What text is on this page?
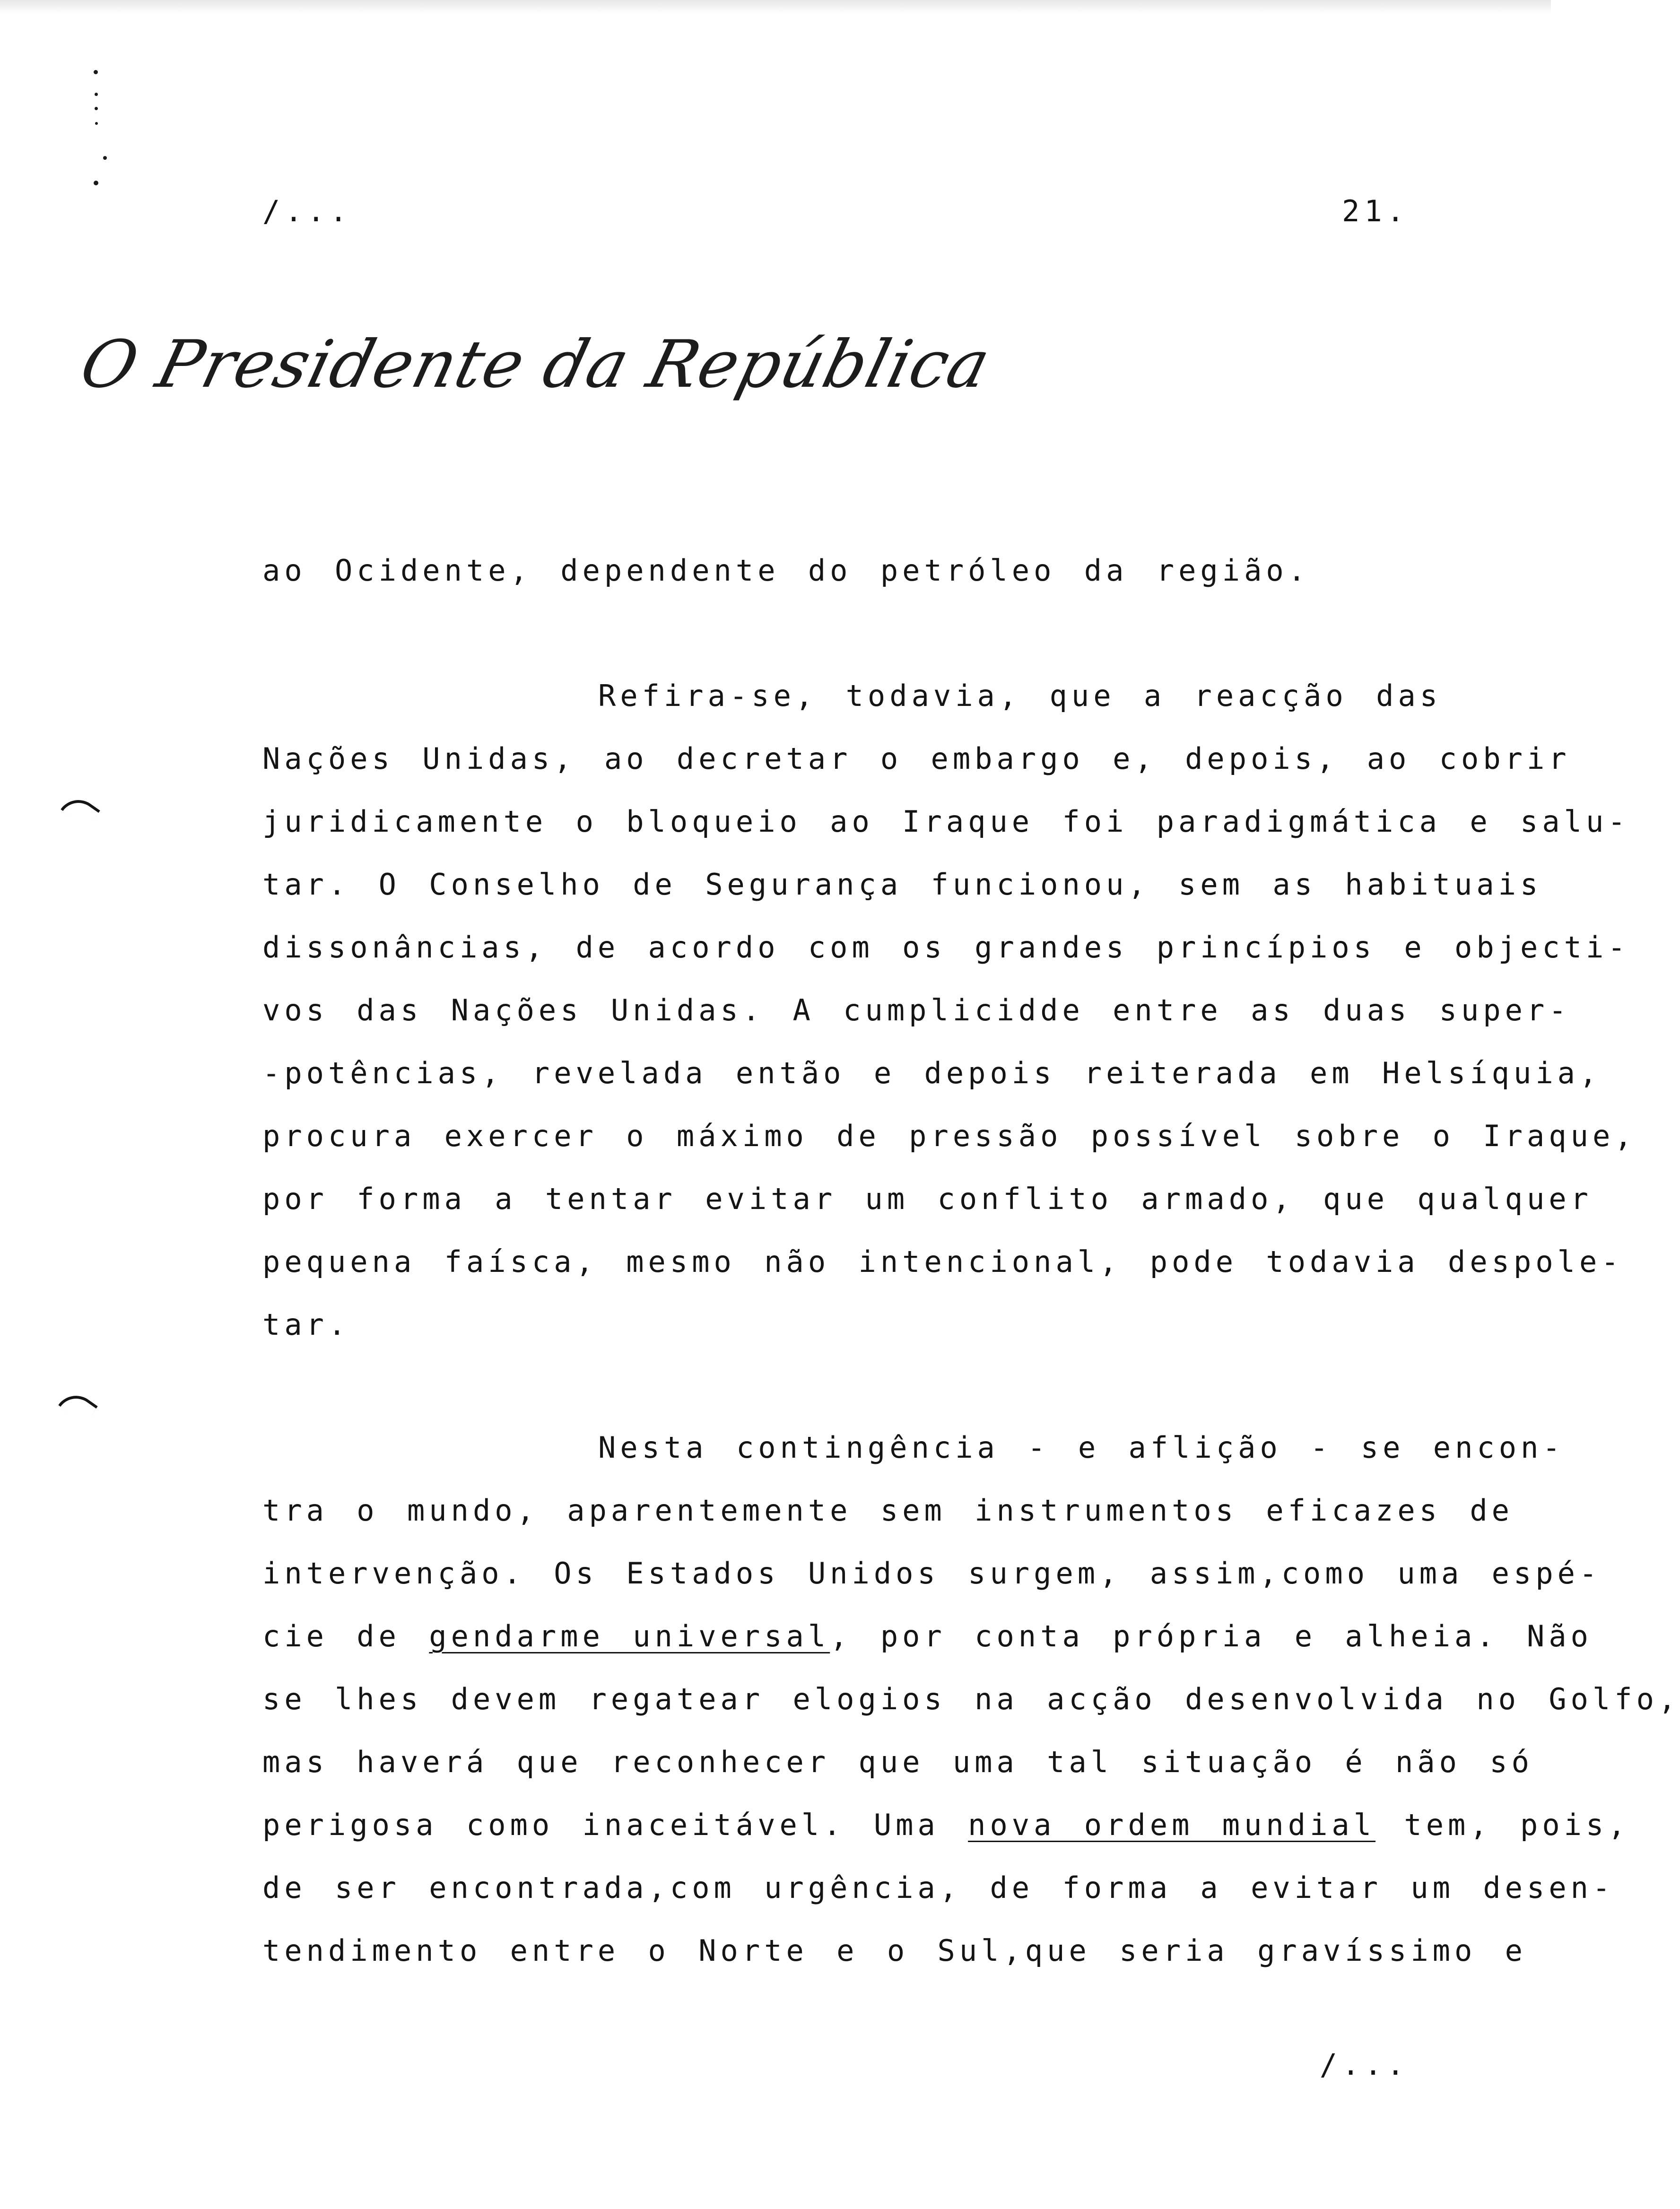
/...	21.
O Presidente da República
ao Ocidente, dependente do petróleo da região.
Refira-se, todavia, que a reacção das
Nações Unidas, ao decretar o embargo e, depois, ao cobrir
juridicamente o bloqueio ao Iraque foi paradigmática e salu-
tar. O Conselho de Segurança funcionou, sem as habituais
dissonâncias, de acordo com os grandes princípios e objecti-
vos das Nações Unidas. A cumplicidde entre as duas super-
-potências, revelada então e depois reiterada em Helsíquia,
procura exercer o máximo de pressão possível sobre o Iraque,
por forma a tentar evitar um conflito armado, que qualquer
pequena faísca, mesmo não intencional, pode todavia despole-
tar.
Nesta contingência - e aflição - se encon-
tra o mundo, aparentemente sem instrumentos eficazes de
intervenção. Os Estados Unidos surgem, assim,como uma espé-
cie de gendarme universal, por conta própria e alheia. Não
se lhes devem regatear elogios na acção desenvolvida no Golfo,
mas haverá que reconhecer que uma tal situação é não só
perigosa como inaceitável. Uma nova ordem mundial tem, pois,
de ser encontrada,com urgência, de forma a evitar um desen-
tendimento entre o Norte e o Sul,que seria gravíssimo e
/...
